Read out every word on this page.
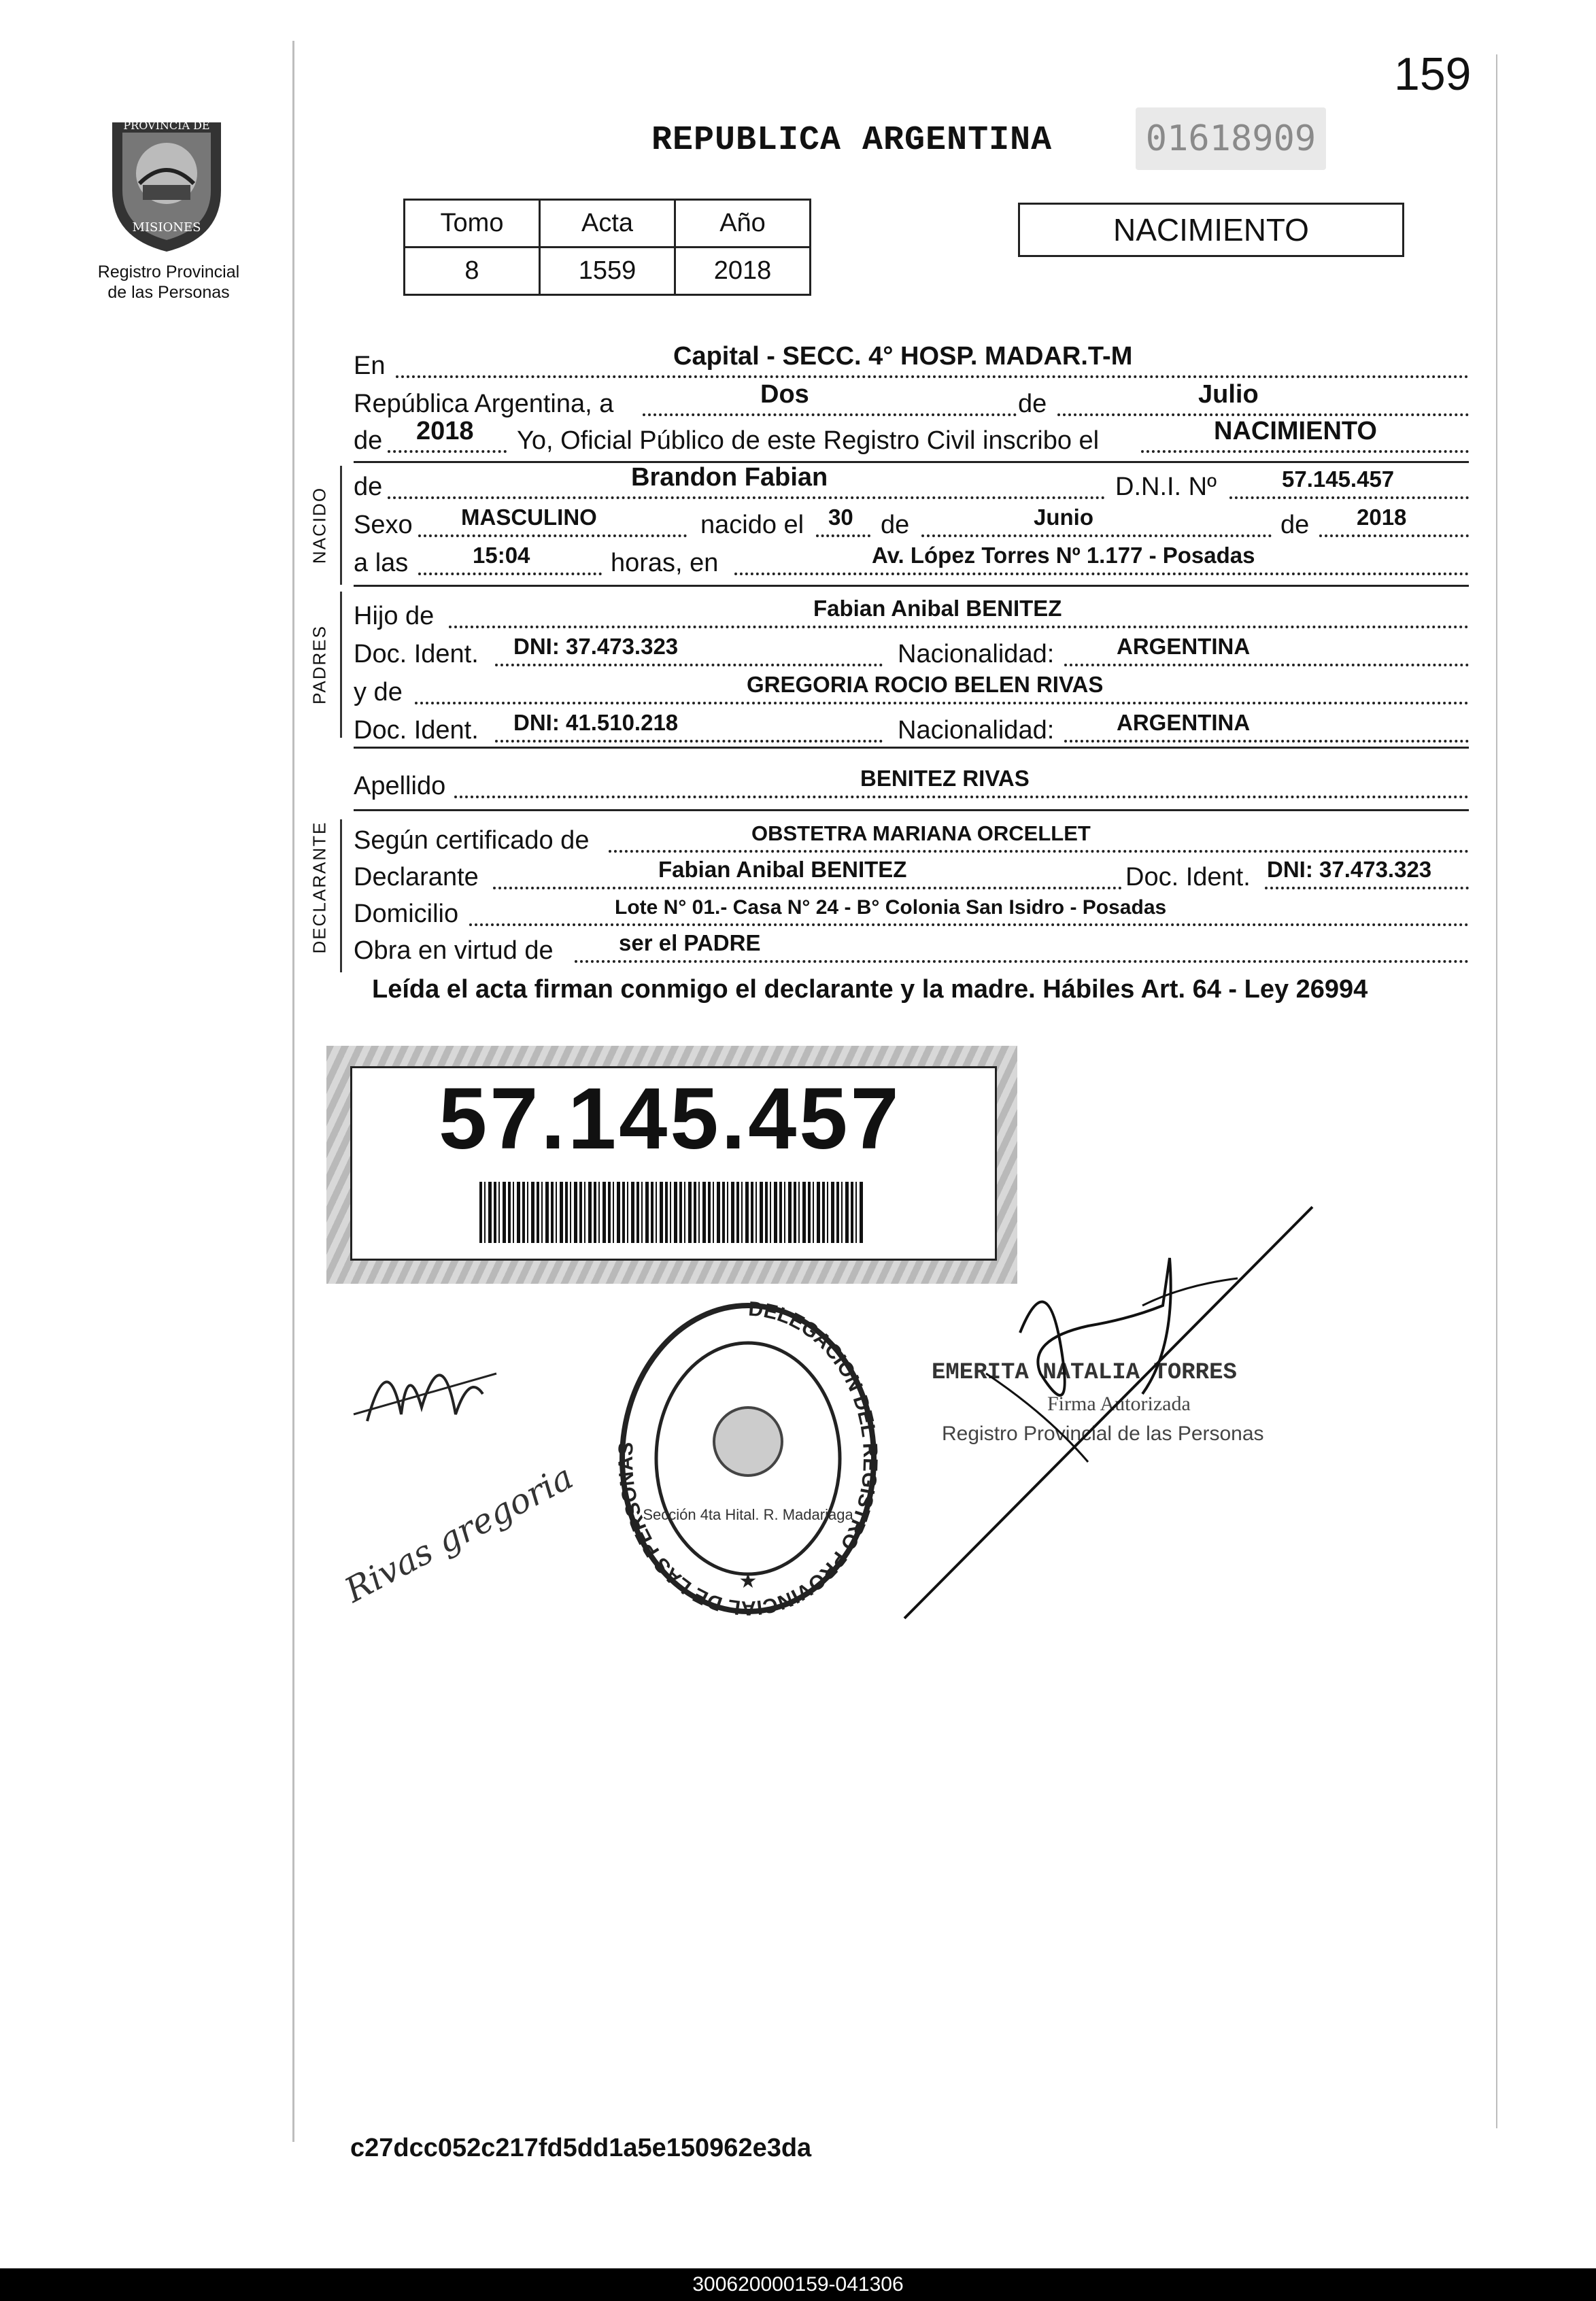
PROVINCIA DE
MISIONES
Registro Provincial
de las Personas
159
REPUBLICA ARGENTINA	01618909
Tomo	Acta	Año
8	1559	2018
NACIMIENTO
En	Capital - SECC. 4° HOSP. MADAR.T-M
República Argentina, a	Dos	de	Julio
de 2018 Yo, Oficial Público de este Registro Civil inscribo el	NACIMIENTO
NACIDO de	Brandon Fabian	D.N.I. Nº	57.145.457
Sexo MASCULINO	nacido el 30 de	Junio	de 2018
a las	15:04	horas, en	Av. López Torres Nº 1.177 - Posadas
PADRES
Hijo de	Fabian Anibal BENITEZ
Doc. Ident. DNI: 37.473.323	Nacionalidad:	ARGENTINA
y de	GREGORIA ROCIO BELEN RIVAS
Doc. Ident. DNI: 41.510.218	Nacionalidad:	ARGENTINA
Apellido	BENITEZ RIVAS
DECLARANTE Según certificado de	OBSTETRA MARIANA ORCELLET
Declarante	Fabian Anibal BENITEZ	Doc. Ident. DNI: 37.473.323
Domicilio	Lote N° 01.- Casa N° 24 - B° Colonia San Isidro - Posadas
Obra en virtud de	ser el PADRE
Leída el acta firman conmigo el declarante y la madre. Hábiles Art. 64 - Ley 26994
57.145.457
DELEGACION DEL REGISTRO PROVINCIAL DE LAS PERSONAS
Sección 4ta Hital. R. Madariaga
★
EMERITA NATALIA TORRES
Firma Autorizada
Registro Provincial de las Personas
Rivas gregoria
c27dcc052c217fd5dd1a5e150962e3da
300620000159-041306
